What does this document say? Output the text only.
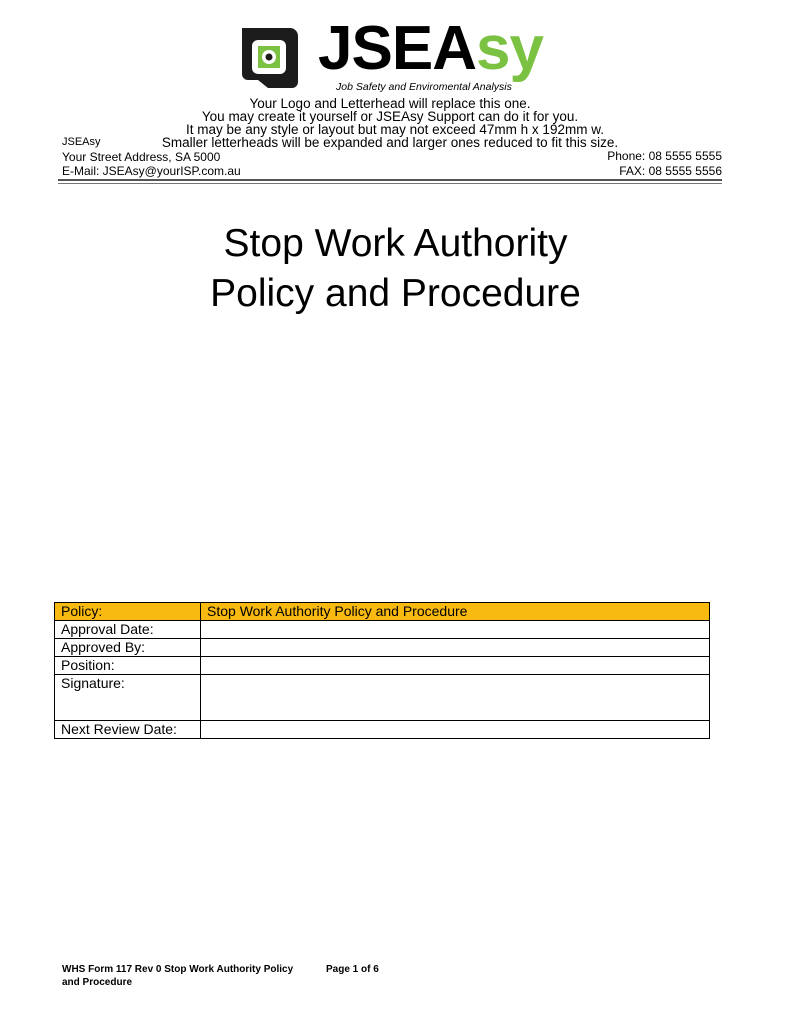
JSEAsy
Job Safety and Enviromental Analysis
Your Logo and Letterhead will replace this one.
You may create it yourself or JSEAsy Support can do it for you.
It may be any style or layout but may not exceed 47mm h x 192mm w.
Smaller letterheads will be expanded and larger ones reduced to fit this size.
JSEAsy
Your Street Address, SA 5000
E-Mail: JSEAsy@yourISP.com.au
Phone: 08 5555 5555
FAX: 08 5555 5556
Stop Work Authority
Policy and Procedure
Policy:	Stop Work Authority Policy and Procedure
Approval Date:	
Approved By:	
Position:	
Signature:	
Next Review Date:	
WHS Form 117 Rev 0 Stop Work Authority Policy
and Procedure
Page 1 of 6
